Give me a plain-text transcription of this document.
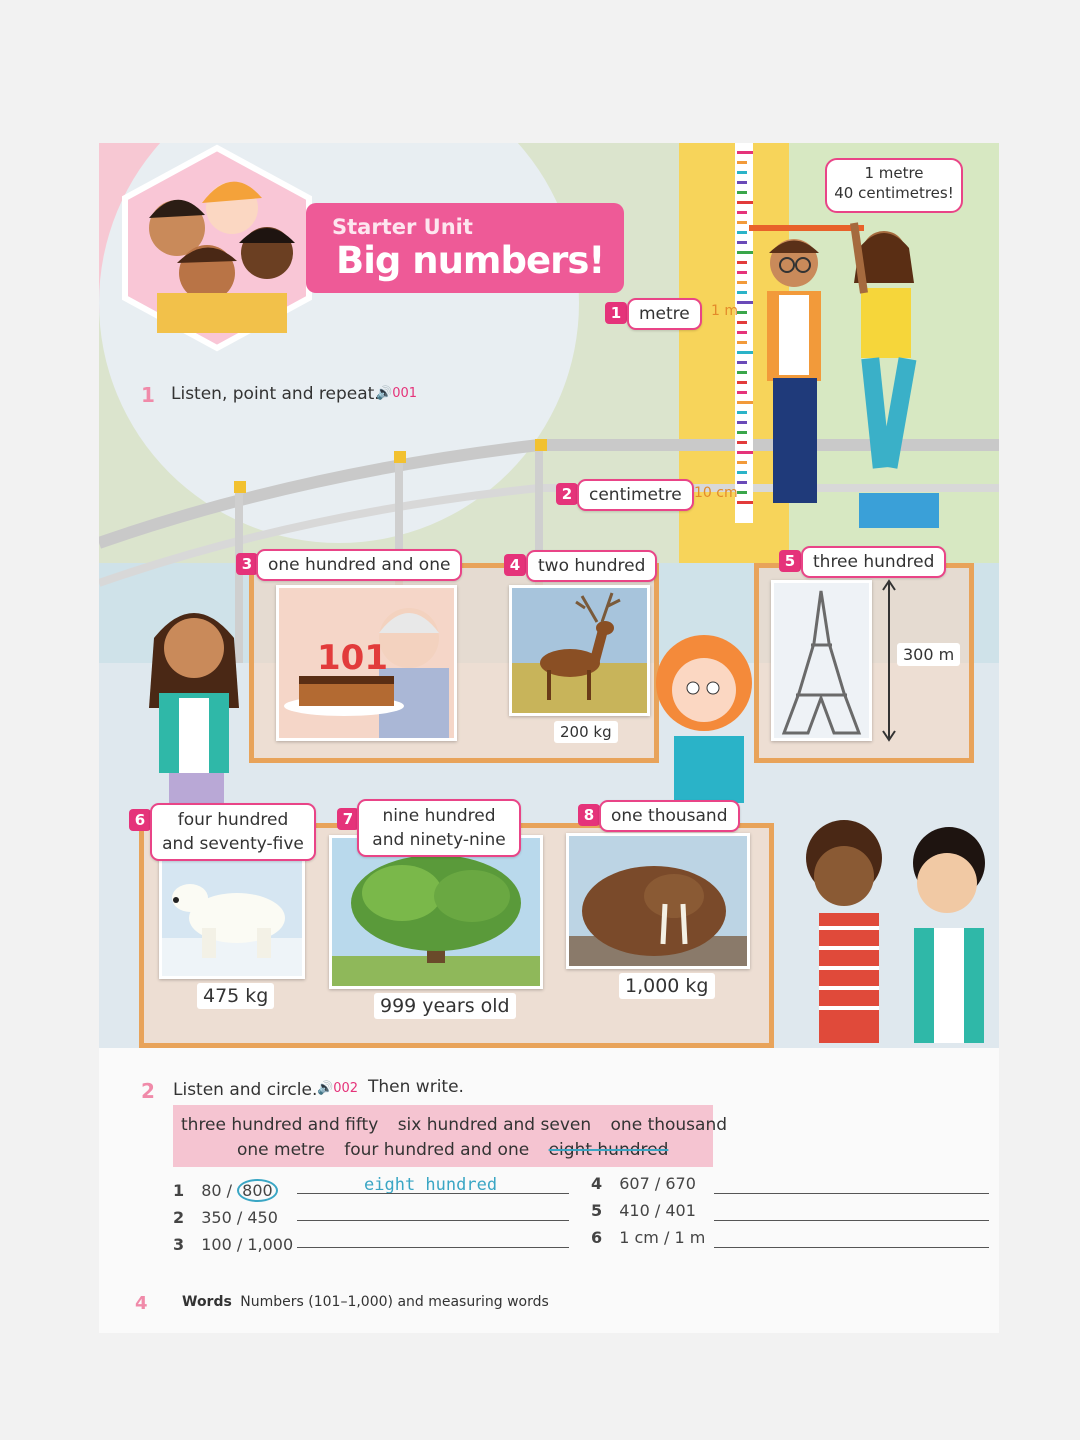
1 m
10 cm
Starter Unit
Big numbers!
1 Listen, point and repeat.
🔊001
1 metre
40 centimetres!
1	metre
2 centimetre
101
3 one hundred and one
200 kg
4	two hundred
300 m
5	three hundred
475 kg
6	four hundred and seventy-five
999 years old
7	nine hundred and ninety-nine
1,000 kg
8 one thousand
2 Listen and circle. 🔊002 Then write.
three hundred and fifty six hundred and seven one thousand
one metre four hundred and one eight hundred
1 80 / 800	eight hundred
2 350 / 450
3 100 / 1,000
4 607 / 670
5 410 / 401
6 1 cm / 1 m
4 Words Numbers (101–1,000) and measuring words
